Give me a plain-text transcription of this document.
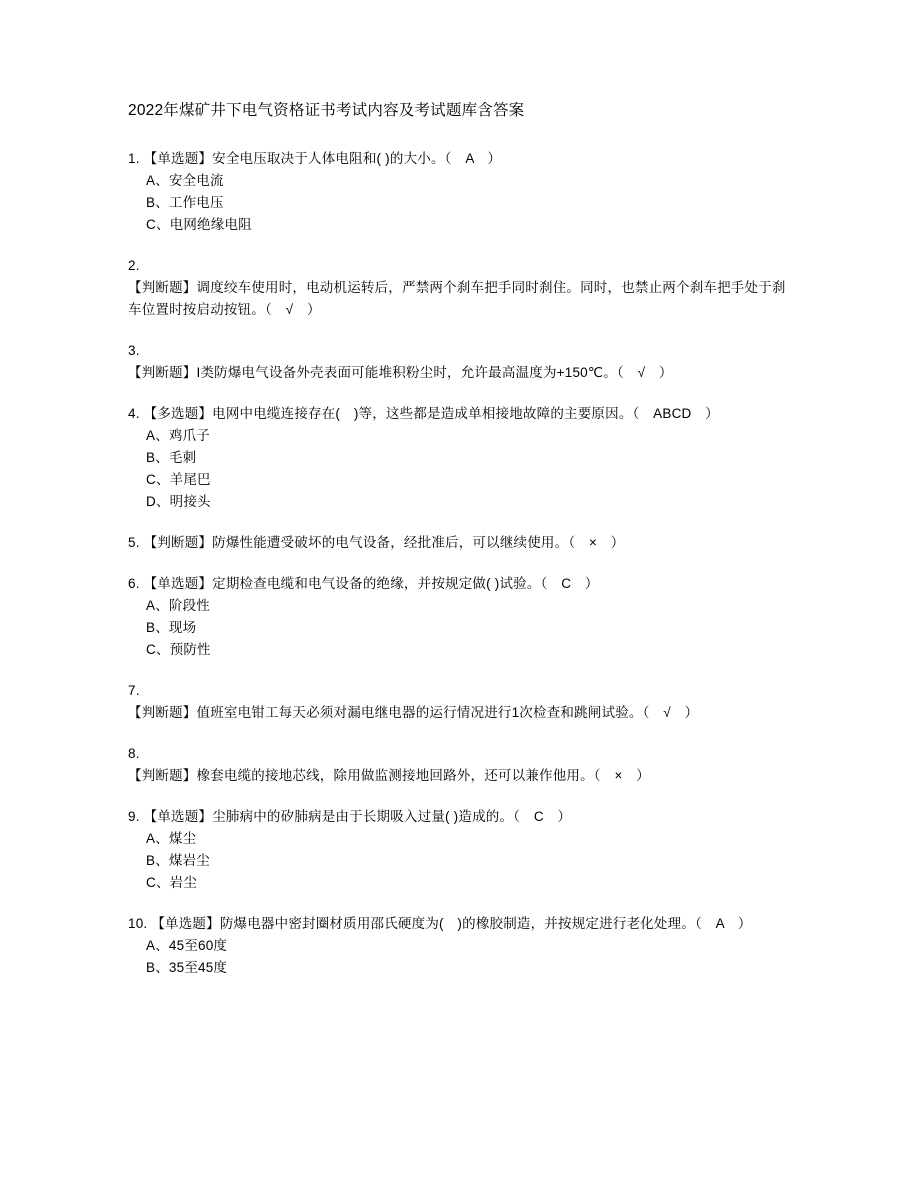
2022年煤矿井下电气资格证书考试内容及考试题库含答案
1. 【单选题】安全电压取决于人体电阻和( )的大小。（　A　）
A、安全电流
B、工作电压
C、电网绝缘电阻
2.
【判断题】调度绞车使用时，电动机运转后，严禁两个刹车把手同时刹住。同时，也禁止两个刹车把手处于刹车位置时按启动按钮。（　√　）
3.
【判断题】I类防爆电气设备外壳表面可能堆积粉尘时，允许最高温度为+150℃。（　√　）
4. 【多选题】电网中电缆连接存在(　)等，这些都是造成单相接地故障的主要原因。（　ABCD　）
A、鸡爪子
B、毛刺
C、羊尾巴
D、明接头
5. 【判断题】防爆性能遭受破坏的电气设备，经批准后，可以继续使用。（　×　）
6. 【单选题】定期检查电缆和电气设备的绝缘，并按规定做( )试验。（　C　）
A、阶段性
B、现场
C、预防性
7.
【判断题】值班室电钳工每天必须对漏电继电器的运行情况进行1次检查和跳闸试验。（　√　）
8.
【判断题】橡套电缆的接地芯线，除用做监测接地回路外，还可以兼作他用。（　×　）
9. 【单选题】尘肺病中的矽肺病是由于长期吸入过量( )造成的。（　C　）
A、煤尘
B、煤岩尘
C、岩尘
10. 【单选题】防爆电器中密封圈材质用邵氏硬度为(　)的橡胶制造，并按规定进行老化处理。（　A　）
A、45至60度
B、35至45度
